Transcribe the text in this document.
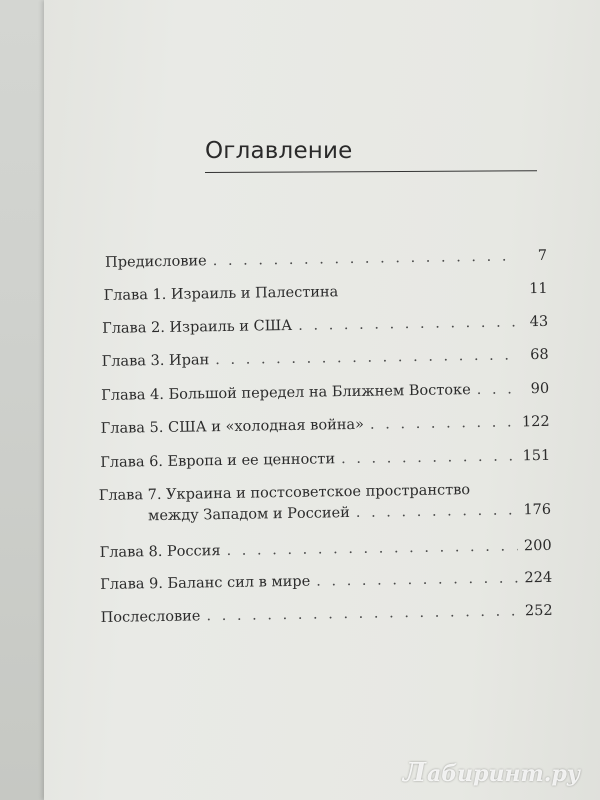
Оглавление
Предисловие . . .	7
Глава 1. Израиль и Палестина	11
Глава 2. Израиль и США . . .	43
Глава 3. Иран . . .	68
Глава 4. Большой передел на Ближнем Востоке . . .	90
Глава 5. США и «холодная война» . . .	122
Глава 6. Европа и ее ценности . . .	151
Глава 7. Украина и постсоветское пространство
между Западом и Россией . . .	176
Глава 8. Россия . . .	200
Глава 9. Баланс сил в мире . . .	224
Послесловие . . .	252
Лабиринт.ру
